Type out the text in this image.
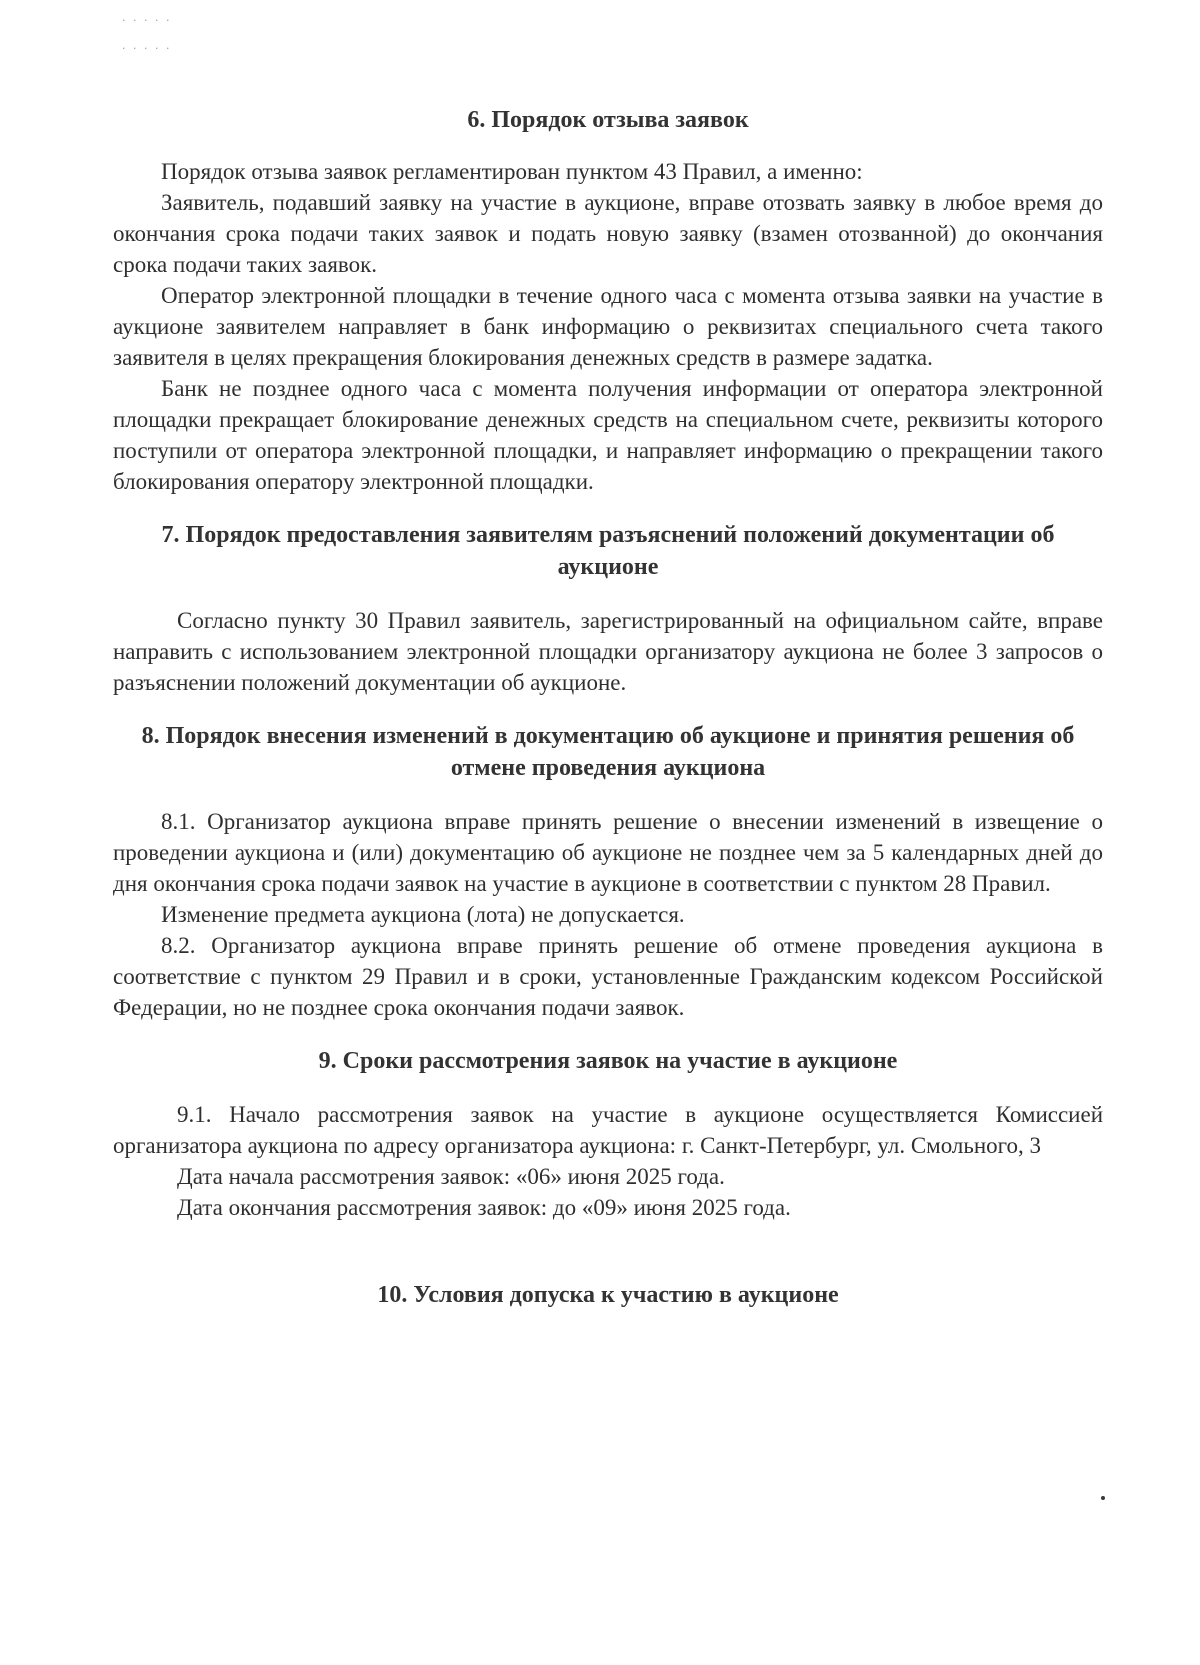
· · · · ·
· · · · ·
6. Порядок отзыва заявок

Порядок отзыва заявок регламентирован пунктом 43 Правил, а именно:

Заявитель, подавший заявку на участие в аукционе, вправе отозвать заявку в любое время до окончания срока подачи таких заявок и подать новую заявку (взамен отозванной) до окончания срока подачи таких заявок.

Оператор электронной площадки в течение одного часа с момента отзыва заявки на участие в аукционе заявителем направляет в банк информацию о реквизитах специального счета такого заявителя в целях прекращения блокирования денежных средств в размере задатка.

Банк не позднее одного часа с момента получения информации от оператора электронной площадки прекращает блокирование денежных средств на специальном счете, реквизиты которого поступили от оператора электронной площадки, и направляет информацию о прекращении такого блокирования оператору электронной площадки.

7. Порядок предоставления заявителям разъяснений положений документации об аукционе

Согласно пункту 30 Правил заявитель, зарегистрированный на официальном сайте, вправе направить с использованием электронной площадки организатору аукциона не более 3 запросов о разъяснении положений документации об аукционе.

8. Порядок внесения изменений в документацию об аукционе и принятия решения об отмене проведения аукциона

8.1. Организатор аукциона вправе принять решение о внесении изменений в извещение о проведении аукциона и (или) документацию об аукционе не позднее чем за 5 календарных дней до дня окончания срока подачи заявок на участие в аукционе в соответствии с пунктом 28 Правил.

Изменение предмета аукциона (лота) не допускается.

8.2. Организатор аукциона вправе принять решение об отмене проведения аукциона в соответствие с пунктом 29 Правил и в сроки, установленные Гражданским кодексом Российской Федерации, но не позднее срока окончания подачи заявок.

9. Сроки рассмотрения заявок на участие в аукционе

9.1. Начало рассмотрения заявок на участие в аукционе осуществляется Комиссией организатора аукциона по адресу организатора аукциона: г. Санкт-Петербург, ул. Смольного, 3

Дата начала рассмотрения заявок: «06» июня 2025 года.

Дата окончания рассмотрения заявок: до «09» июня 2025 года.

10. Условия допуска к участию в аукционе
